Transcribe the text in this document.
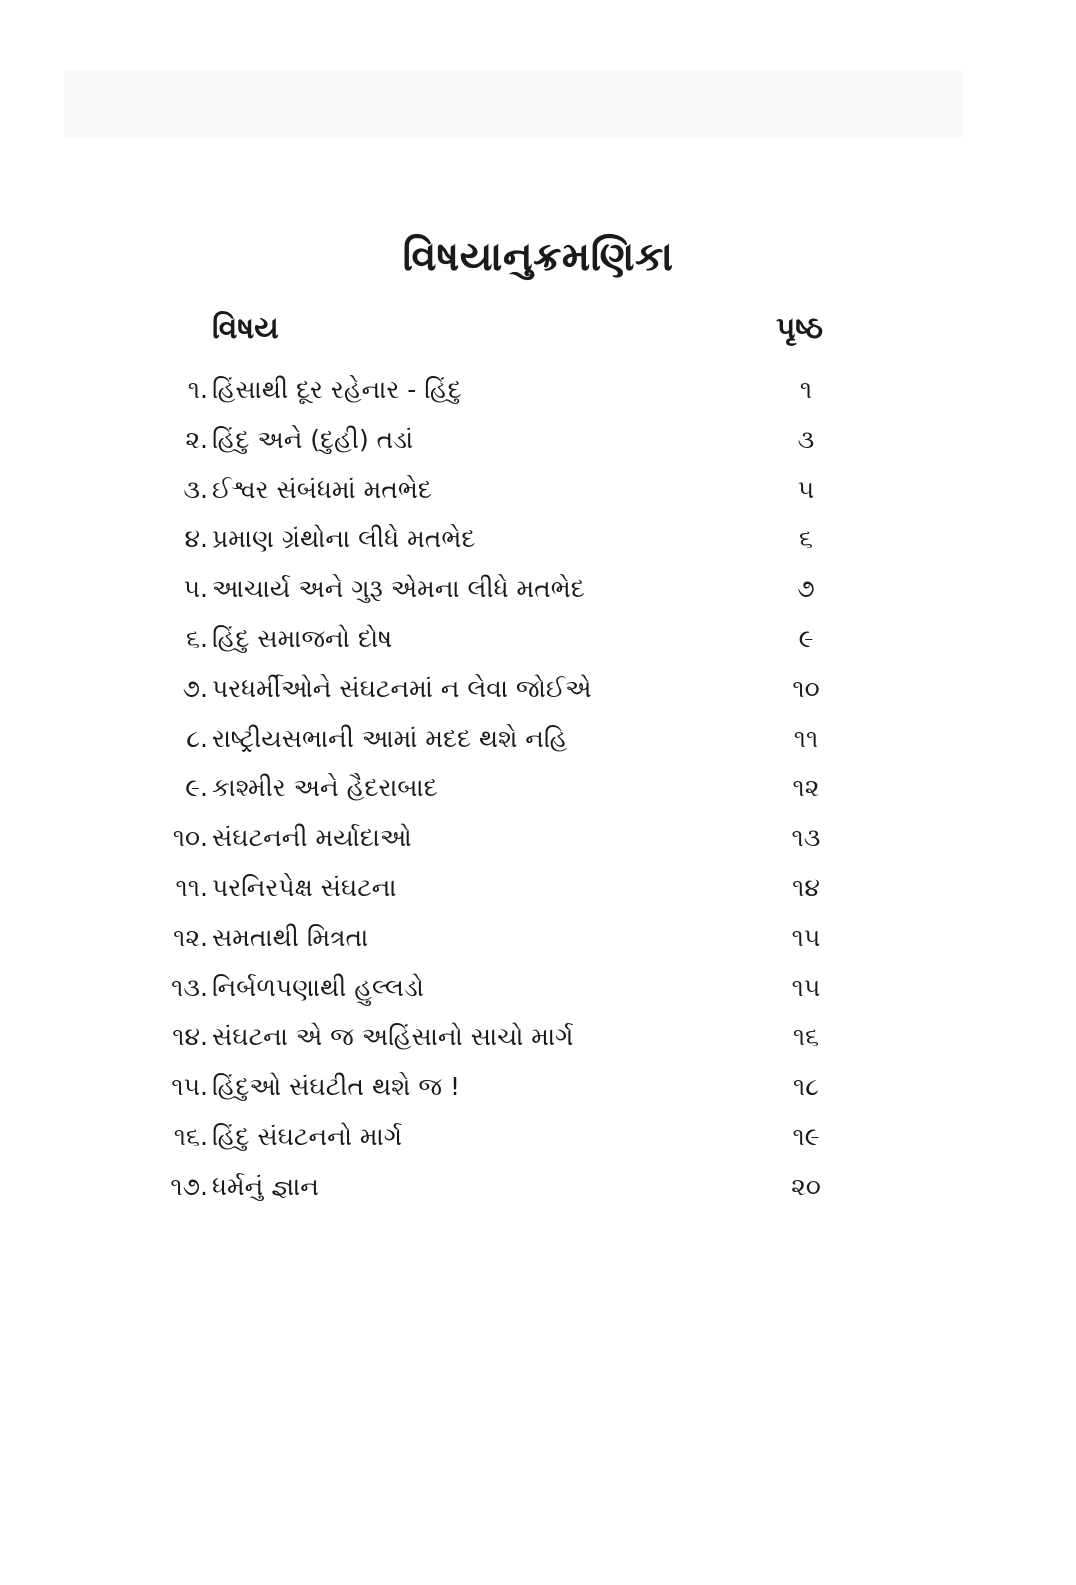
વિષયાનુક્રમણિકા
વિષય	પૃષ્ઠ
૧. હિંસાથી દૂર રહેનાર - હિંદુ	૧
૨. હિંદુ અને (દુહી) તડાં	૩
૩. ઈશ્વર સંબંધમાં મતભેદ	૫
૪. પ્રમાણ ગ્રંથોના લીધે મતભેદ	૬
૫. આચાર્ય અને ગુરૂ એમના લીધે મતભેદ	૭
૬. હિંદુ સમાજનો દોષ	૯
૭. પરધર્મીઓને સંઘટનમાં ન લેવા જોઈએ	૧૦
૮. રાષ્ટ્રીયસભાની આમાં મદદ થશે નહિ	૧૧
૯. કાશ્મીર અને હૈદરાબાદ	૧૨
૧૦. સંઘટનની મર્યાદાઓ	૧૩
૧૧. પરનિરપેક્ષ સંઘટના	૧૪
૧૨. સમતાથી મિત્રતા	૧૫
૧૩. નિર્બળપણાથી હુલ્લડો	૧૫
૧૪. સંઘટના એ જ અહિંસાનો સાચો માર્ગ	૧૬
૧૫. હિંદુઓ સંઘટીત થશે જ !	૧૮
૧૬. હિંદુ સંઘટનનો માર્ગ	૧૯
૧૭. ધર્મનું જ્ઞાન	૨૦
